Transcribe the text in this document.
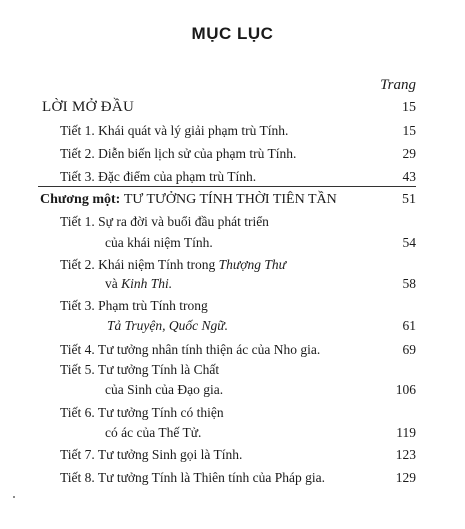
MỤC LỤC
Trang
LỜI MỞ ĐẦU	15
Tiết 1. Khái quát và lý giải phạm trù Tính.	15
Tiết 2. Diễn biến lịch sử của phạm trù Tính.	29
Tiết 3. Đặc điểm của phạm trù Tính.	43
Chương một: TƯ TƯỞNG TÍNH THỜI TIÊN TẦN	51
Tiết 1. Sự ra đời và buổi đầu phát triển
của khái niệm Tính.	54
Tiết 2. Khái niệm Tính trong Thượng Thư
và Kinh Thi.	58
Tiết 3. Phạm trù Tính trong
Tả Truyện, Quốc Ngữ.	61
Tiết 4. Tư tưởng nhân tính thiện ác của Nho gia.	69
Tiết 5. Tư tưởng Tính là Chất
của Sinh của Đạo gia.	106
Tiết 6. Tư tưởng Tính có thiện
có ác của Thế Tử.	119
Tiết 7. Tư tưởng Sinh gọi là Tính.	123
Tiết 8. Tư tưởng Tính là Thiên tính của Pháp gia.	129
